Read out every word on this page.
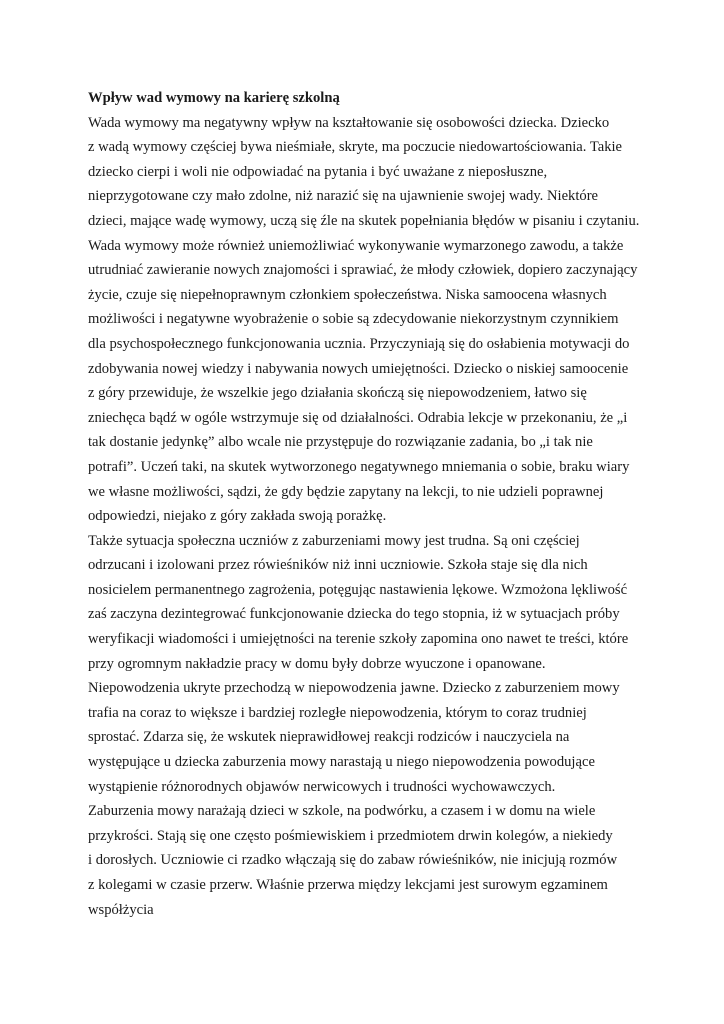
Wpływ wad wymowy na karierę szkolną
Wada wymowy ma negatywny wpływ na kształtowanie się osobowości dziecka. Dziecko
z wadą wymowy częściej bywa nieśmiałe, skryte, ma poczucie niedowartościowania. Takie
dziecko cierpi i woli nie odpowiadać na pytania i być uważane z nieposłuszne,
nieprzygotowane czy mało zdolne, niż narazić się na ujawnienie swojej wady. Niektóre
dzieci, mające wadę wymowy, uczą się źle na skutek popełniania błędów w pisaniu i czytaniu.
Wada wymowy może również uniemożliwiać wykonywanie wymarzonego zawodu, a także
utrudniać zawieranie nowych znajomości i sprawiać, że młody człowiek, dopiero zaczynający
życie, czuje się niepełnoprawnym członkiem społeczeństwa. Niska samoocena własnych
możliwości i negatywne wyobrażenie o sobie są zdecydowanie niekorzystnym czynnikiem
dla psychospołecznego funkcjonowania ucznia. Przyczyniają się do osłabienia motywacji do
zdobywania nowej wiedzy i nabywania nowych umiejętności. Dziecko o niskiej samoocenie
z góry przewiduje, że wszelkie jego działania skończą się niepowodzeniem, łatwo się
zniechęca bądź w ogóle wstrzymuje się od działalności. Odrabia lekcje w przekonaniu, że „i
tak dostanie jedynkę” albo wcale nie przystępuje do rozwiązanie zadania, bo „i tak nie
potrafi”. Uczeń taki, na skutek wytworzonego negatywnego mniemania o sobie, braku wiary
we własne możliwości, sądzi, że gdy będzie zapytany na lekcji, to nie udzieli poprawnej
odpowiedzi, niejako z góry zakłada swoją porażkę.
Także sytuacja społeczna uczniów z zaburzeniami mowy jest trudna. Są oni częściej
odrzucani i izolowani przez rówieśników niż inni uczniowie. Szkoła staje się dla nich
nosicielem permanentnego zagrożenia, potęgując nastawienia lękowe. Wzmożona lękliwość
zaś zaczyna dezintegrować funkcjonowanie dziecka do tego stopnia, iż w sytuacjach próby
weryfikacji wiadomości i umiejętności na terenie szkoły zapomina ono nawet te treści, które
przy ogromnym nakładzie pracy w domu były dobrze wyuczone i opanowane.
Niepowodzenia ukryte przechodzą w niepowodzenia jawne. Dziecko z zaburzeniem mowy
trafia na coraz to większe i bardziej rozległe niepowodzenia, którym to coraz trudniej
sprostać. Zdarza się, że wskutek nieprawidłowej reakcji rodziców i nauczyciela na
występujące u dziecka zaburzenia mowy narastają u niego niepowodzenia powodujące
wystąpienie różnorodnych objawów nerwicowych i trudności wychowawczych.
Zaburzenia mowy narażają dzieci w szkole, na podwórku, a czasem i w domu na wiele
przykrości. Stają się one często pośmiewiskiem i przedmiotem drwin kolegów, a niekiedy
i dorosłych. Uczniowie ci rzadko włączają się do zabaw rówieśników, nie inicjują rozmów
z kolegami w czasie przerw. Właśnie przerwa między lekcjami jest surowym egzaminem
współżycia
